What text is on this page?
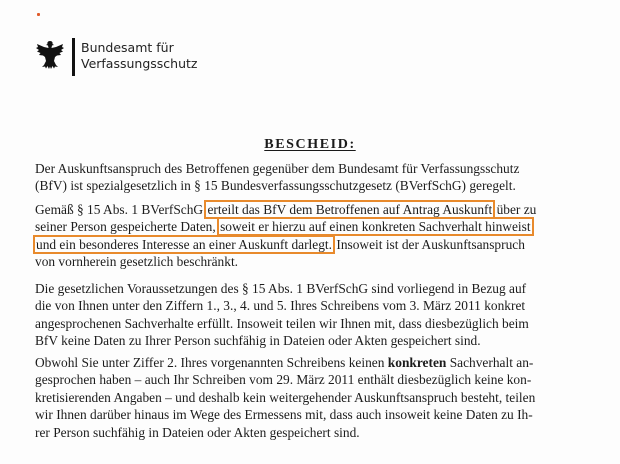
Bundesamt für
Verfassungsschutz
BESCHEID:
Der Auskunftsanspruch des Betroffenen gegenüber dem Bundesamt für Verfassungsschutz
(BfV) ist spezialgesetzlich in § 15 Bundesverfassungsschutzgesetz (BVerfSchG) geregelt.
Gemäß § 15 Abs. 1 BVerfSchG erteilt das BfV dem Betroffenen auf Antrag Auskunft über zu
seiner Person gespeicherte Daten, soweit er hierzu auf einen konkreten Sachverhalt hinweist
und ein besonderes Interesse an einer Auskunft darlegt. Insoweit ist der Auskunftsanspruch
von vornherein gesetzlich beschränkt.
Die gesetzlichen Voraussetzungen des § 15 Abs. 1 BVerfSchG sind vorliegend in Bezug auf
die von Ihnen unter den Ziffern 1., 3., 4. und 5. Ihres Schreibens vom 3. März 2011 konkret
angesprochenen Sachverhalte erfüllt. Insoweit teilen wir Ihnen mit, dass diesbezüglich beim
BfV keine Daten zu Ihrer Person suchfähig in Dateien oder Akten gespeichert sind.
Obwohl Sie unter Ziffer 2. Ihres vorgenannten Schreibens keinen konkreten Sachverhalt an-
gesprochen haben – auch Ihr Schreiben vom 29. März 2011 enthält diesbezüglich keine kon-
kretisierenden Angaben – und deshalb kein weitergehender Auskunftsanspruch besteht, teilen
wir Ihnen darüber hinaus im Wege des Ermessens mit, dass auch insoweit keine Daten zu Ih-
rer Person suchfähig in Dateien oder Akten gespeichert sind.
